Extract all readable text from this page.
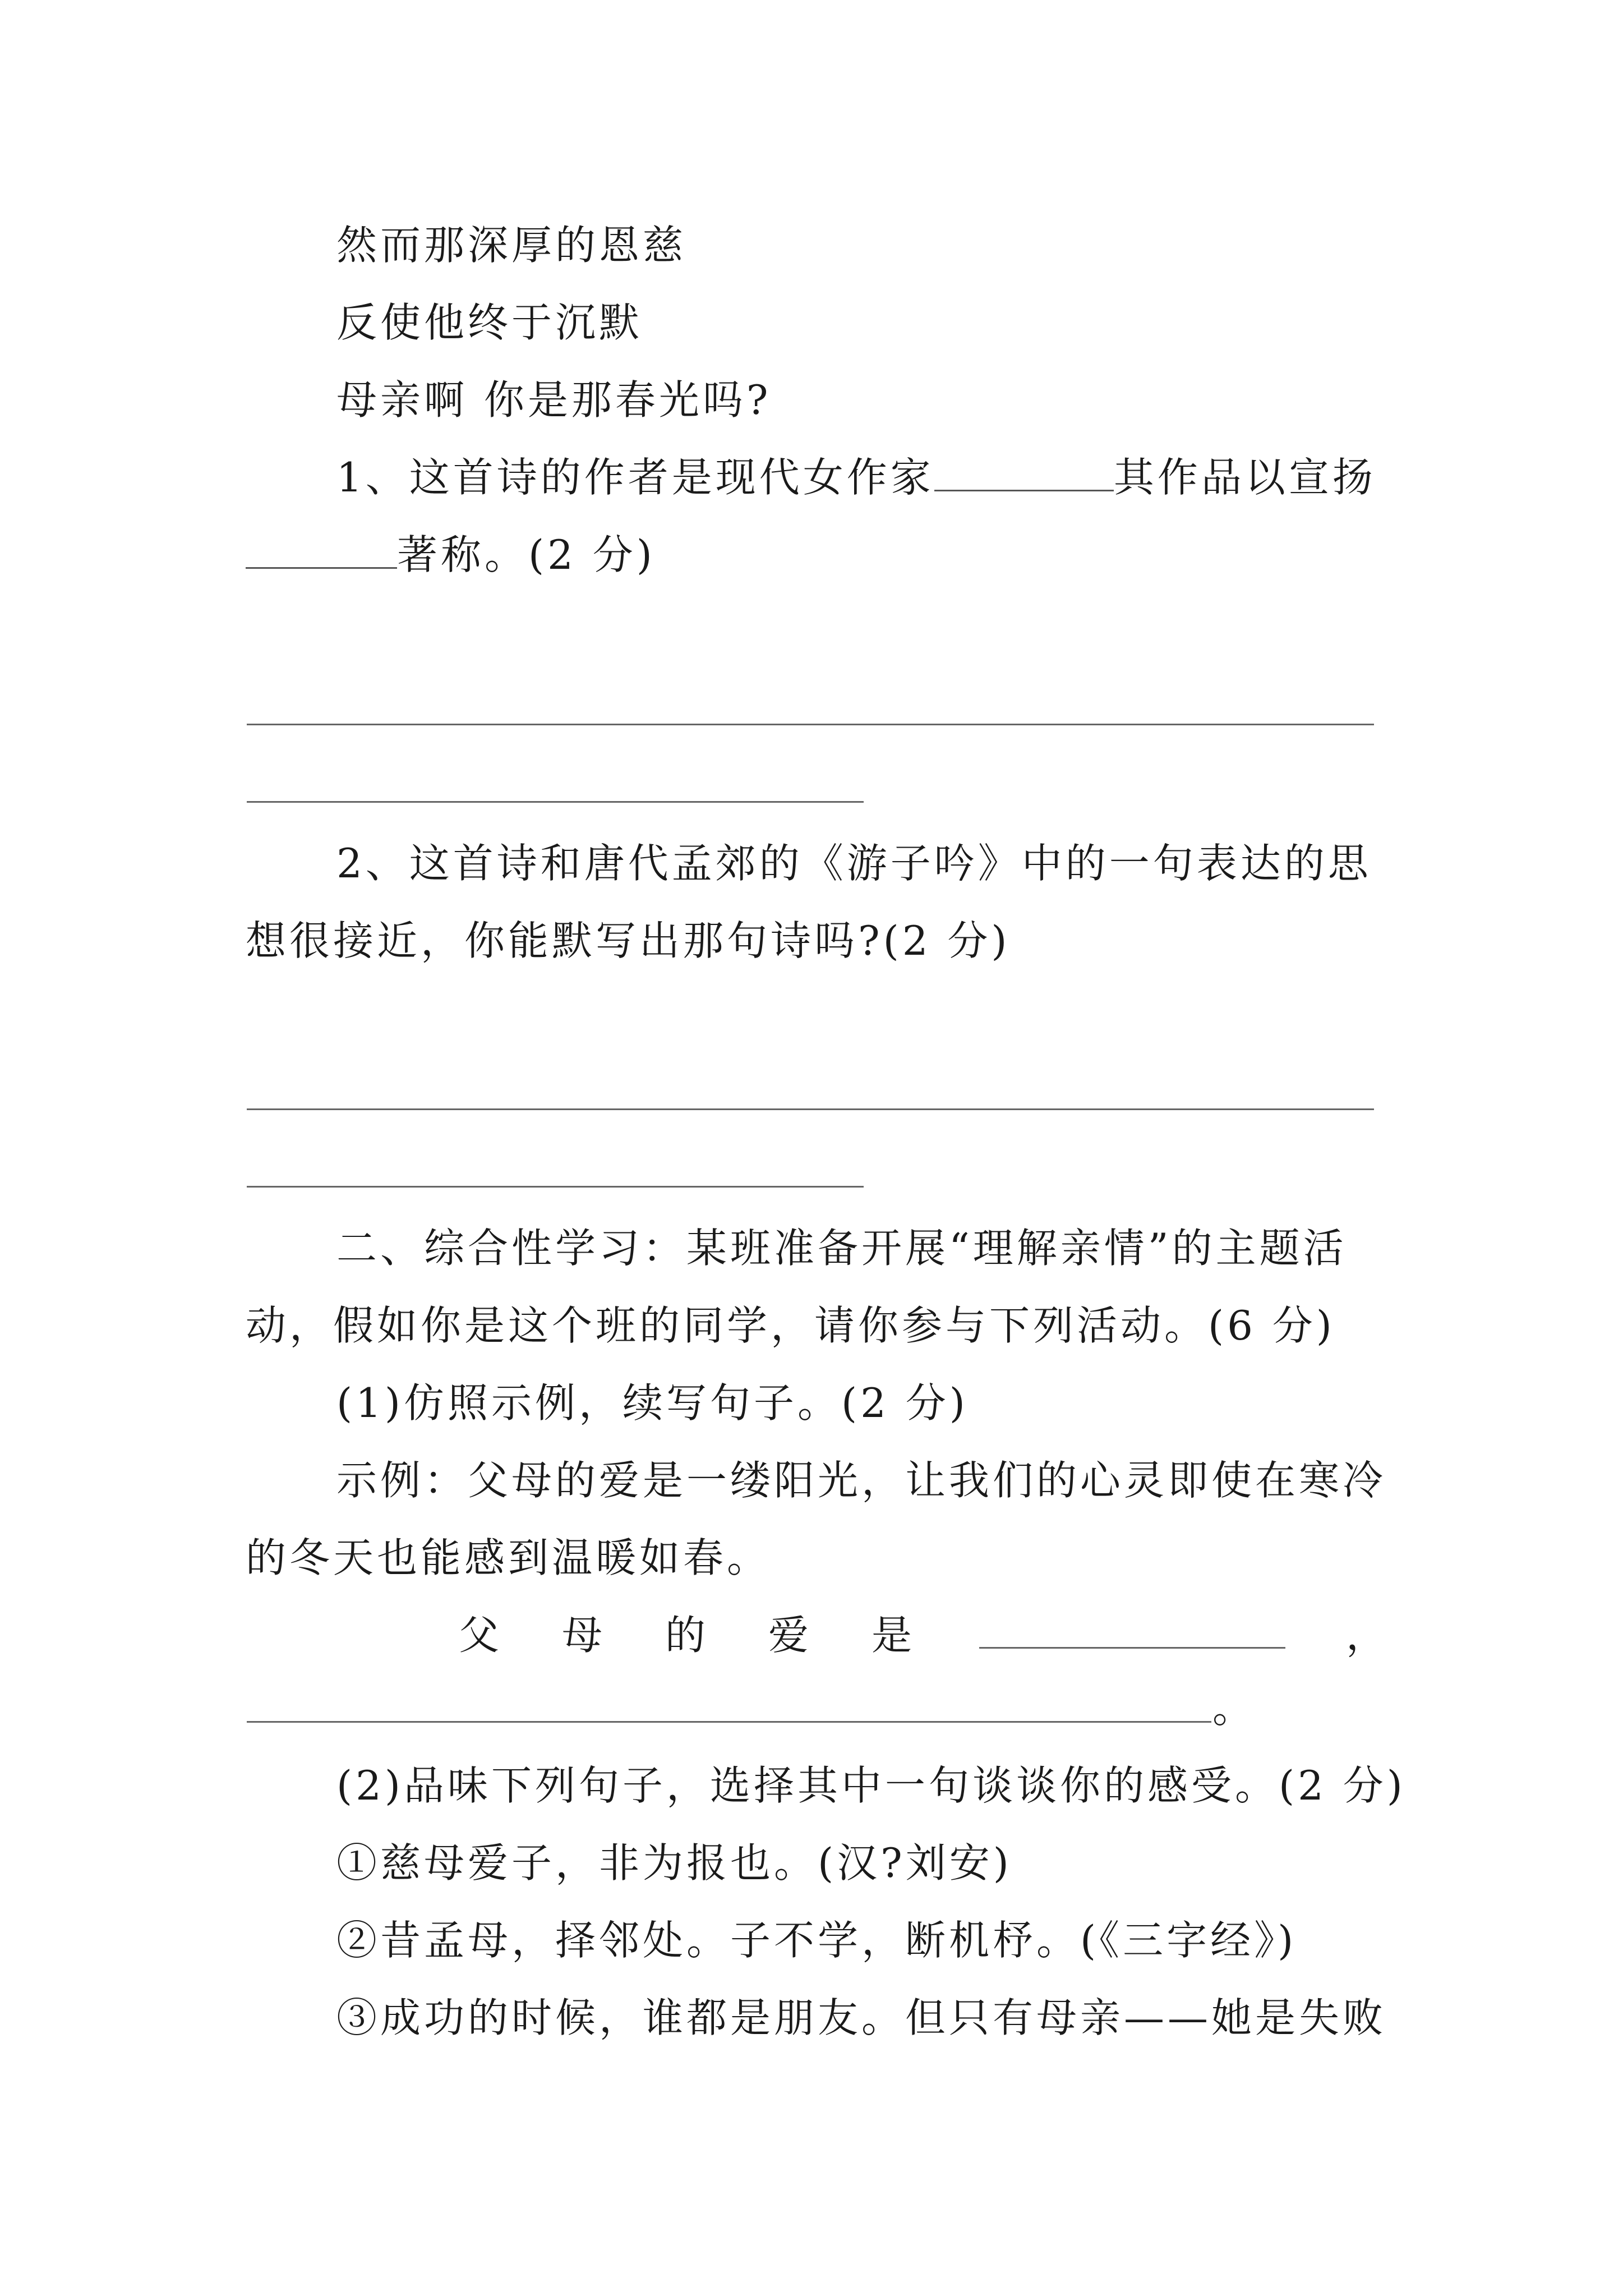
然而那深厚的恩慈
反使他终于沉默
母亲啊 你是那春光吗?
1、这首诗的作者是现代女作家	其作品以宣扬
著称。(2 分)
2、这首诗和唐代孟郊的《游子吟》中的一句表达的思
想很接近，你能默写出那句诗吗?(2 分)
二、综合性学习：某班准备开展“理解亲情”的主题活
动，假如你是这个班的同学，请你参与下列活动。(6 分)
(1)仿照示例，续写句子。(2 分)
示例：父母的爱是一缕阳光，让我们的心灵即使在寒冷
的冬天也能感到温暖如春。
父 母 的 爱 是	，
。
(2)品味下列句子，选择其中一句谈谈你的感受。(2 分)
①慈母爱子，非为报也。(汉?刘安)
②昔孟母，择邻处。子不学，断机杼。(《三字经》)
③成功的时候，谁都是朋友。但只有母亲——她是失败
